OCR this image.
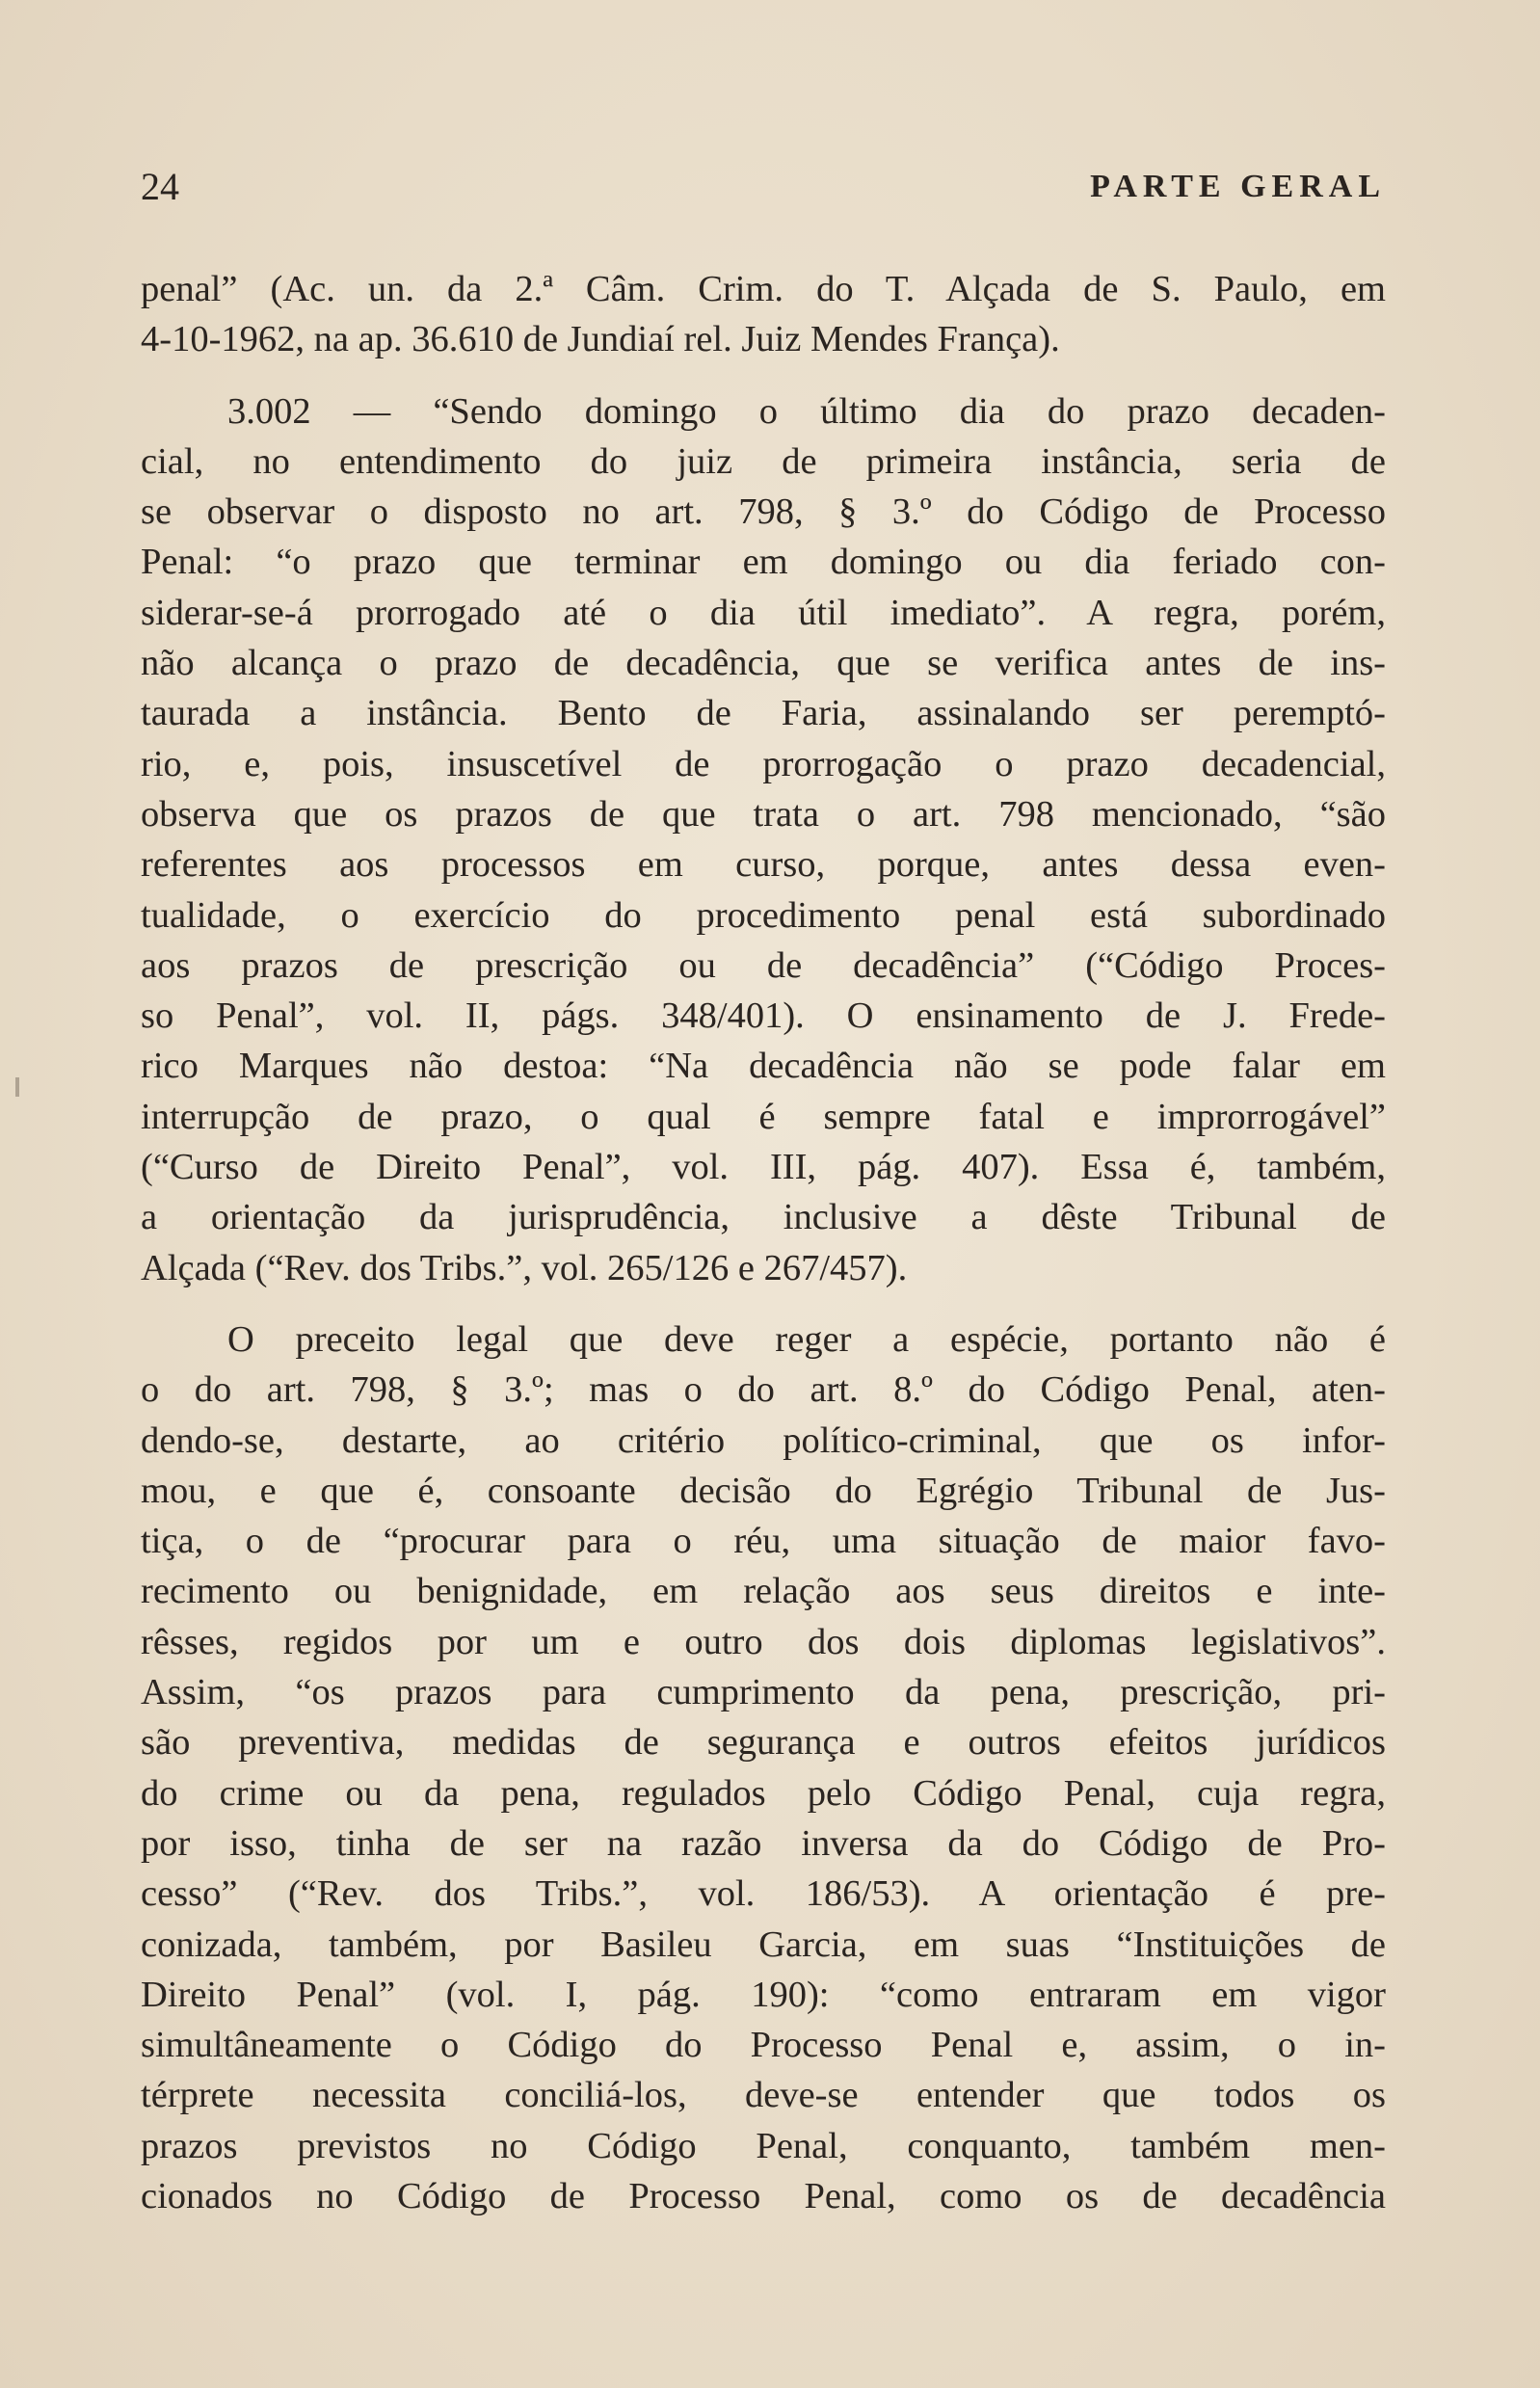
24	PARTE GERAL
penal” (Ac. un. da 2.ª Câm. Crim. do T. Alçada de S. Paulo, em
4-10-1962, na ap. 36.610 de Jundiaí rel. Juiz Mendes França).
3.002 — “Sendo domingo o último dia do prazo decaden-
cial, no entendimento do juiz de primeira instância, seria de
se observar o disposto no art. 798, § 3.º do Código de Processo
Penal: “o prazo que terminar em domingo ou dia feriado con-
siderar-se-á prorrogado até o dia útil imediato”. A regra, porém,
não alcança o prazo de decadência, que se verifica antes de ins-
taurada a instância. Bento de Faria, assinalando ser peremptó-
rio, e, pois, insuscetível de prorrogação o prazo decadencial,
observa que os prazos de que trata o art. 798 mencionado, “são
referentes aos processos em curso, porque, antes dessa even-
tualidade, o exercício do procedimento penal está subordinado
aos prazos de prescrição ou de decadência” (“Código Proces-
so Penal”, vol. II, págs. 348/401). O ensinamento de J. Frede-
rico Marques não destoa: “Na decadência não se pode falar em
interrupção de prazo, o qual é sempre fatal e improrrogável”
(“Curso de Direito Penal”, vol. III, pág. 407). Essa é, também,
a orientação da jurisprudência, inclusive a dêste Tribunal de
Alçada (“Rev. dos Tribs.”, vol. 265/126 e 267/457).
O preceito legal que deve reger a espécie, portanto não é
o do art. 798, § 3.º; mas o do art. 8.º do Código Penal, aten-
dendo-se, destarte, ao critério político-criminal, que os infor-
mou, e que é, consoante decisão do Egrégio Tribunal de Jus-
tiça, o de “procurar para o réu, uma situação de maior favo-
recimento ou benignidade, em relação aos seus direitos e inte-
rêsses, regidos por um e outro dos dois diplomas legislativos”.
Assim, “os prazos para cumprimento da pena, prescrição, pri-
são preventiva, medidas de segurança e outros efeitos jurídicos
do crime ou da pena, regulados pelo Código Penal, cuja regra,
por isso, tinha de ser na razão inversa da do Código de Pro-
cesso” (“Rev. dos Tribs.”, vol. 186/53). A orientação é pre-
conizada, também, por Basileu Garcia, em suas “Instituições de
Direito Penal” (vol. I, pág. 190): “como entraram em vigor
simultâneamente o Código do Processo Penal e, assim, o in-
térprete necessita conciliá-los, deve-se entender que todos os
prazos previstos no Código Penal, conquanto, também men-
cionados no Código de Processo Penal, como os de decadência
